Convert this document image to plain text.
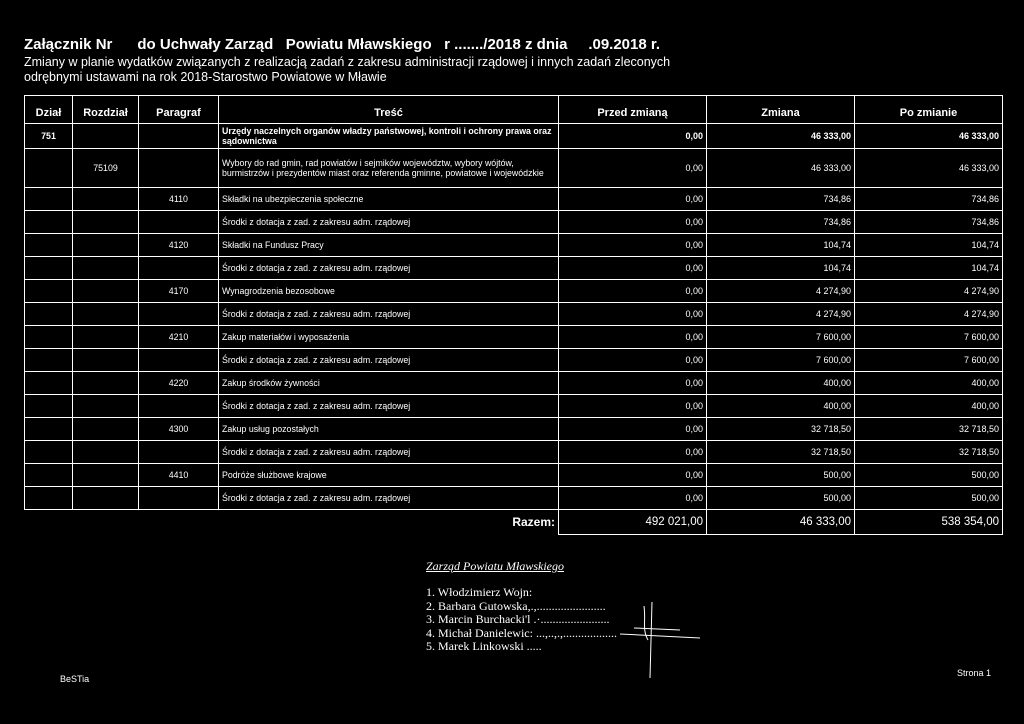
Załącznik Nr      do Uchwały Zarząd   Powiatu Mławskiego   r ......./2018 z dnia     .09.2018 r.
Zmiany w planie wydatków związanych z realizacją zadań z zakresu administracji rządowej i innych zadań zleconych odrębnymi ustawami na rok 2018-Starostwo Powiatowe w Mławie
Dział	Rozdział	Paragraf	Treść	Przed zmianą	Zmiana	Po zmianie
751			Urzędy naczelnych organów władzy państwowej, kontroli i ochrony prawa oraz sądownictwa	0,00	46 333,00	46 333,00
	75109		Wybory do rad gmin, rad powiatów i sejmików województw, wybory wójtów, burmistrzów i prezydentów miast oraz referenda gminne, powiatowe i wojewódzkie	0,00	46 333,00	46 333,00
		4110	Składki na ubezpieczenia społeczne	0,00	734,86	734,86
			Środki z dotacja z zad. z zakresu adm. rządowej	0,00	734,86	734,86
		4120	Składki na Fundusz Pracy	0,00	104,74	104,74
			Środki z dotacja z zad. z zakresu adm. rządowej	0,00	104,74	104,74
		4170	Wynagrodzenia bezosobowe	0,00	4 274,90	4 274,90
			Środki z dotacja z zad. z zakresu adm. rządowej	0,00	4 274,90	4 274,90
		4210	Zakup materiałów i wyposażenia	0,00	7 600,00	7 600,00
			Środki z dotacja z zad. z zakresu adm. rządowej	0,00	7 600,00	7 600,00
		4220	Zakup środków żywności	0,00	400,00	400,00
			Środki z dotacja z zad. z zakresu adm. rządowej	0,00	400,00	400,00
		4300	Zakup usług pozostałych	0,00	32 718,50	32 718,50
			Środki z dotacja z zad. z zakresu adm. rządowej	0,00	32 718,50	32 718,50
		4410	Podróże służbowe krajowe	0,00	500,00	500,00
			Środki z dotacja z zad. z zakresu adm. rządowej	0,00	500,00	500,00
Razem:				492 021,00	46 333,00	538 354,00
Zarząd Powiatu Mławskiego
1. Włodzimierz Wojn:
2. Barbara Gutowska,.,.......................
3. Marcin Burchacki'l .·.......................
4. Michał Danielewic: ...,..,.,..................
5. Marek Linkowski .....
BeSTia
Strona 1
